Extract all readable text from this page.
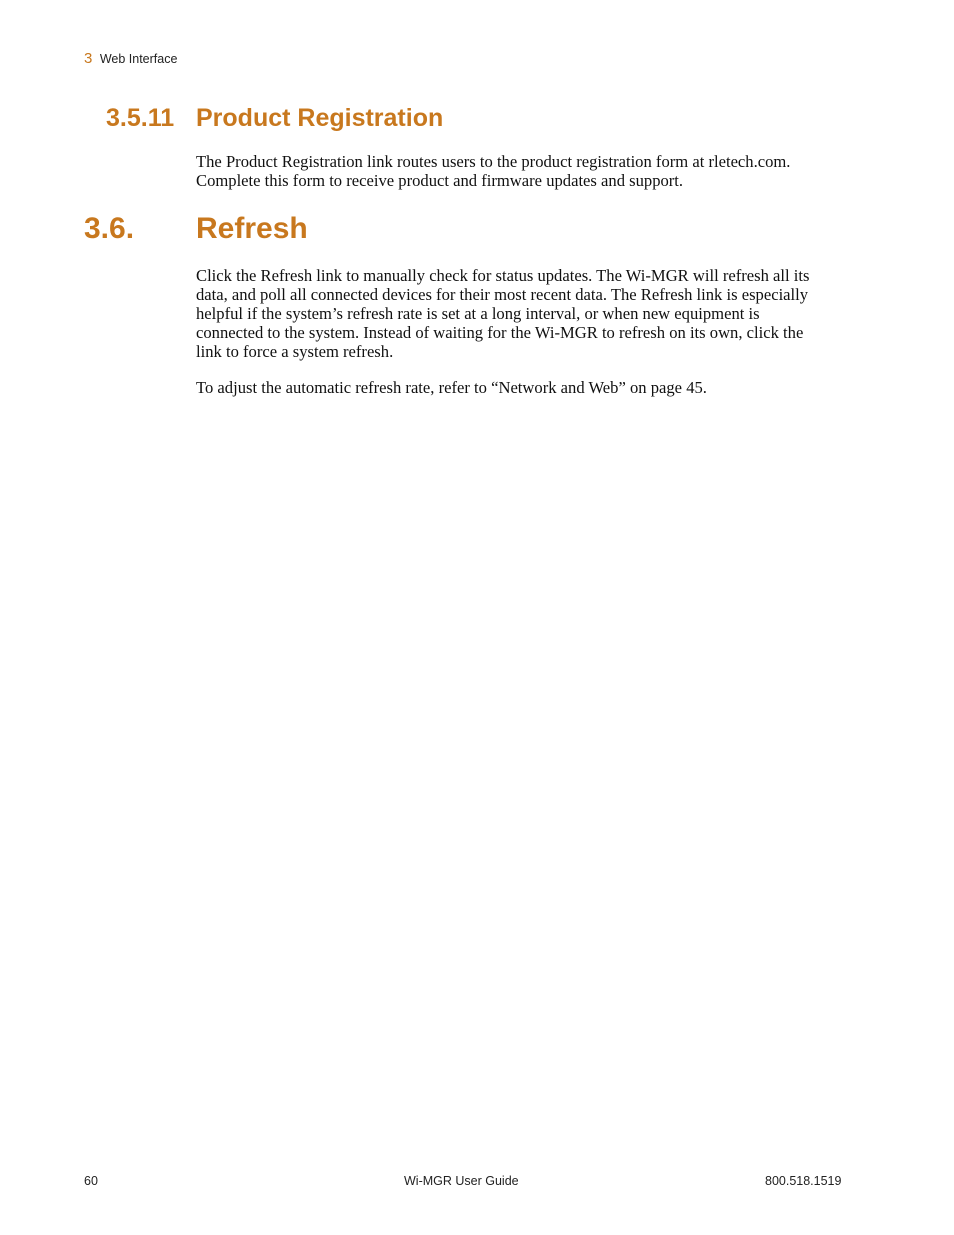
3 Web Interface
3.5.11 Product Registration

The Product Registration link routes users to the product registration form at rletech.com.
Complete this form to receive product and firmware updates and support.

3.6. Refresh

Click the Refresh link to manually check for status updates. The Wi-MGR will refresh all its
data, and poll all connected devices for their most recent data. The Refresh link is especially
helpful if the system’s refresh rate is set at a long interval, or when new equipment is
connected to the system. Instead of waiting for the Wi-MGR to refresh on its own, click the
link to force a system refresh.

To adjust the automatic refresh rate, refer to “Network and Web” on page 45.

60	Wi-MGR User Guide	800.518.1519
